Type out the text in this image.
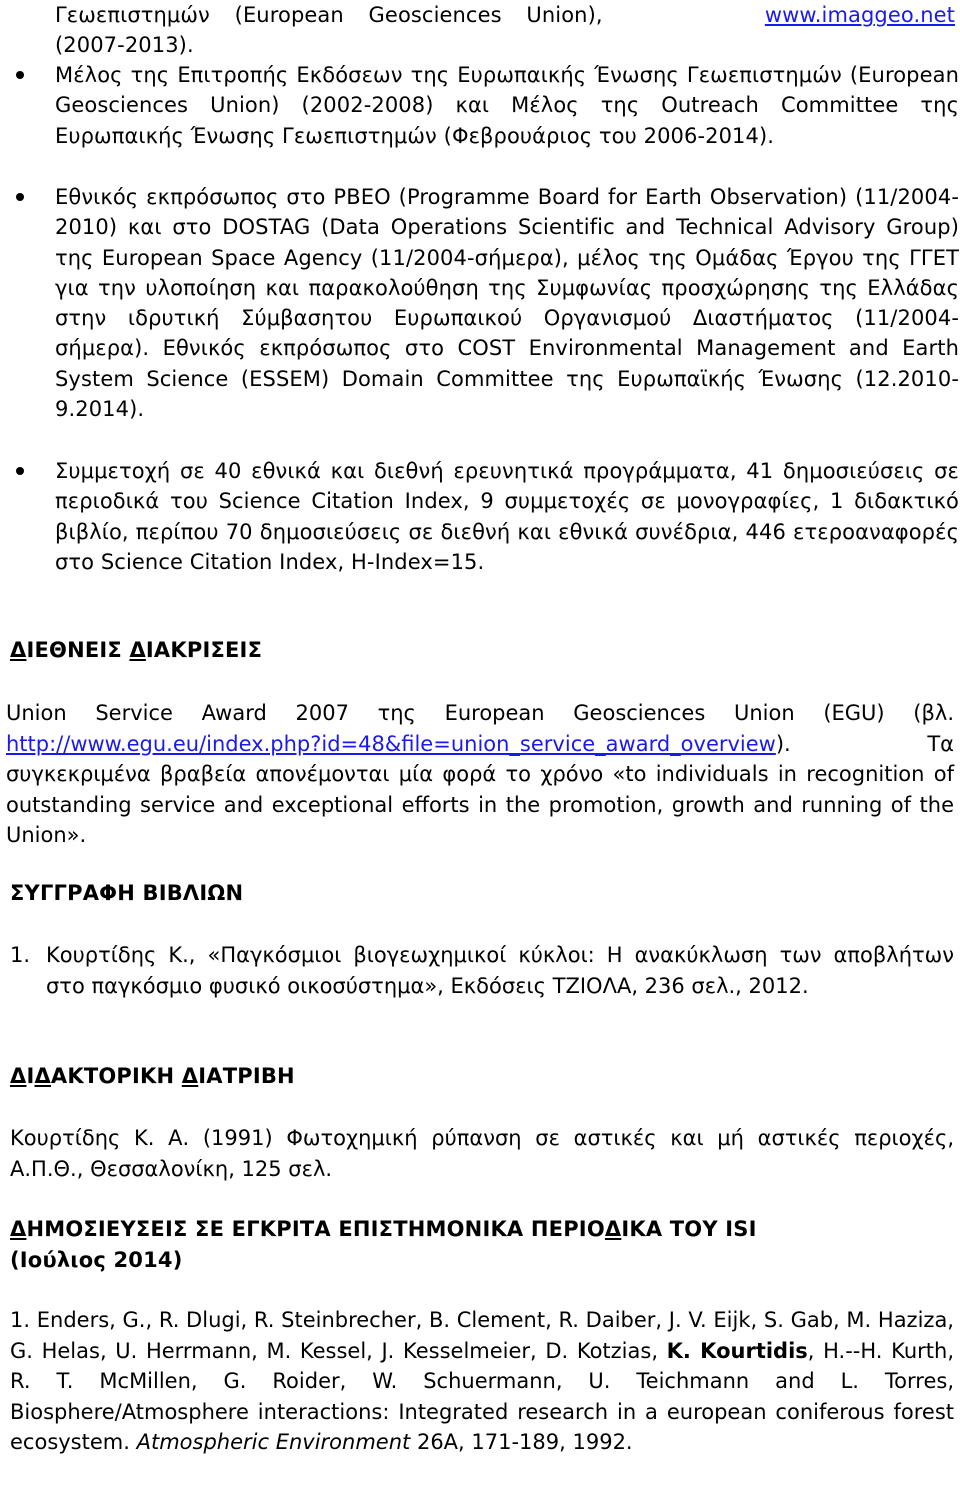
Γεωεπιστημών (European Geosciences Union),	www.imaggeo.net
(2007-2013).
Μέλος της Επιτροπής Εκδόσεων της Ευρωπαικής Ένωσης Γεωεπιστημών (European Geosciences Union) (2002-2008) και Μέλος της Outreach Committee της Ευρωπαικής Ένωσης Γεωεπιστημών (Φεβρουάριος του 2006-2014).
Εθνικός εκπρόσωπος στο PBEO (Programme Board for Earth Observation) (11/2004-2010) και στο DOSTAG (Data Operations Scientific and Technical Advisory Group) της European Space Agency (11/2004-σήμερα), μέλος της Ομάδας Έργου της ΓΓΕΤ για την υλοποίηση και παρακολούθηση της Συμφωνίας προσχώρησης της Ελλάδας στην ιδρυτική Σύμβασητου Ευρωπαικού Οργανισμού Διαστήματος (11/2004-σήμερα). Εθνικός εκπρόσωπος στο COST Environmental Management and Earth System Science (ESSEM) Domain Committee της Ευρωπαϊκής Ένωσης (12.2010-9.2014).
Συμμετοχή σε 40 εθνικά και διεθνή ερευνητικά προγράμματα, 41 δημοσιεύσεις σε περιοδικά του Science Citation Index, 9 συμμετοχές σε μονογραφίες, 1 διδακτικό βιβλίο, περίπου 70 δημοσιεύσεις σε διεθνή και εθνικά συνέδρια, 446 ετεροαναφορές στο Science Citation Index, H-Index=15.
ΔΙΕΘΝΕΙΣ ΔΙΑΚΡΙΣΕΙΣ
Union Service Award 2007 της European Geosciences Union (EGU) (βλ. http://www.egu.eu/index.php?id=48&file=union_service_award_overview). Τα συγκεκριμένα βραβεία απονέμονται μία φορά το χρόνο «to individuals in recognition of outstanding service and exceptional efforts in the promotion, growth and running of the Union».
ΣΥΓΓΡΑΦΗ ΒΙΒΛΙΩΝ
1. Κουρτίδης Κ., «Παγκόσμιοι βιογεωχημικοί κύκλοι: Η ανακύκλωση των αποβλήτων στο παγκόσμιο φυσικό οικοσύστημα», Εκδόσεις ΤΖΙΟΛΑ, 236 σελ., 2012.
ΔΙΔΑΚΤΟΡΙΚΗ ΔΙΑΤΡΙΒΗ
Κουρτίδης Κ. Α. (1991) Φωτοχημική ρύπανση σε αστικές και μή αστικές περιοχές, Α.Π.Θ., Θεσσαλονίκη, 125 σελ.
ΔΗΜΟΣΙΕΥΣΕΙΣ ΣΕ ΕΓΚΡΙΤΑ ΕΠΙΣΤΗΜΟΝΙΚΑ ΠΕΡΙΟΔΙΚΑ ΤΟΥ ISI
(Ιούλιος 2014)
1. Enders, G., R. Dlugi, R. Steinbrecher, B. Clement, R. Daiber, J. V. Eijk, S. Gab, M. Haziza, G. Helas, U. Herrmann, M. Kessel, J. Kesselmeier, D. Kotzias, K. Kourtidis, H.--H. Kurth, R. T. McMillen, G. Roider, W. Schuermann, U. Teichmann and L. Torres, Biosphere/Atmosphere interactions: Integrated research in a european coniferous forest ecosystem. Atmospheric Environment 26A, 171-189, 1992.
